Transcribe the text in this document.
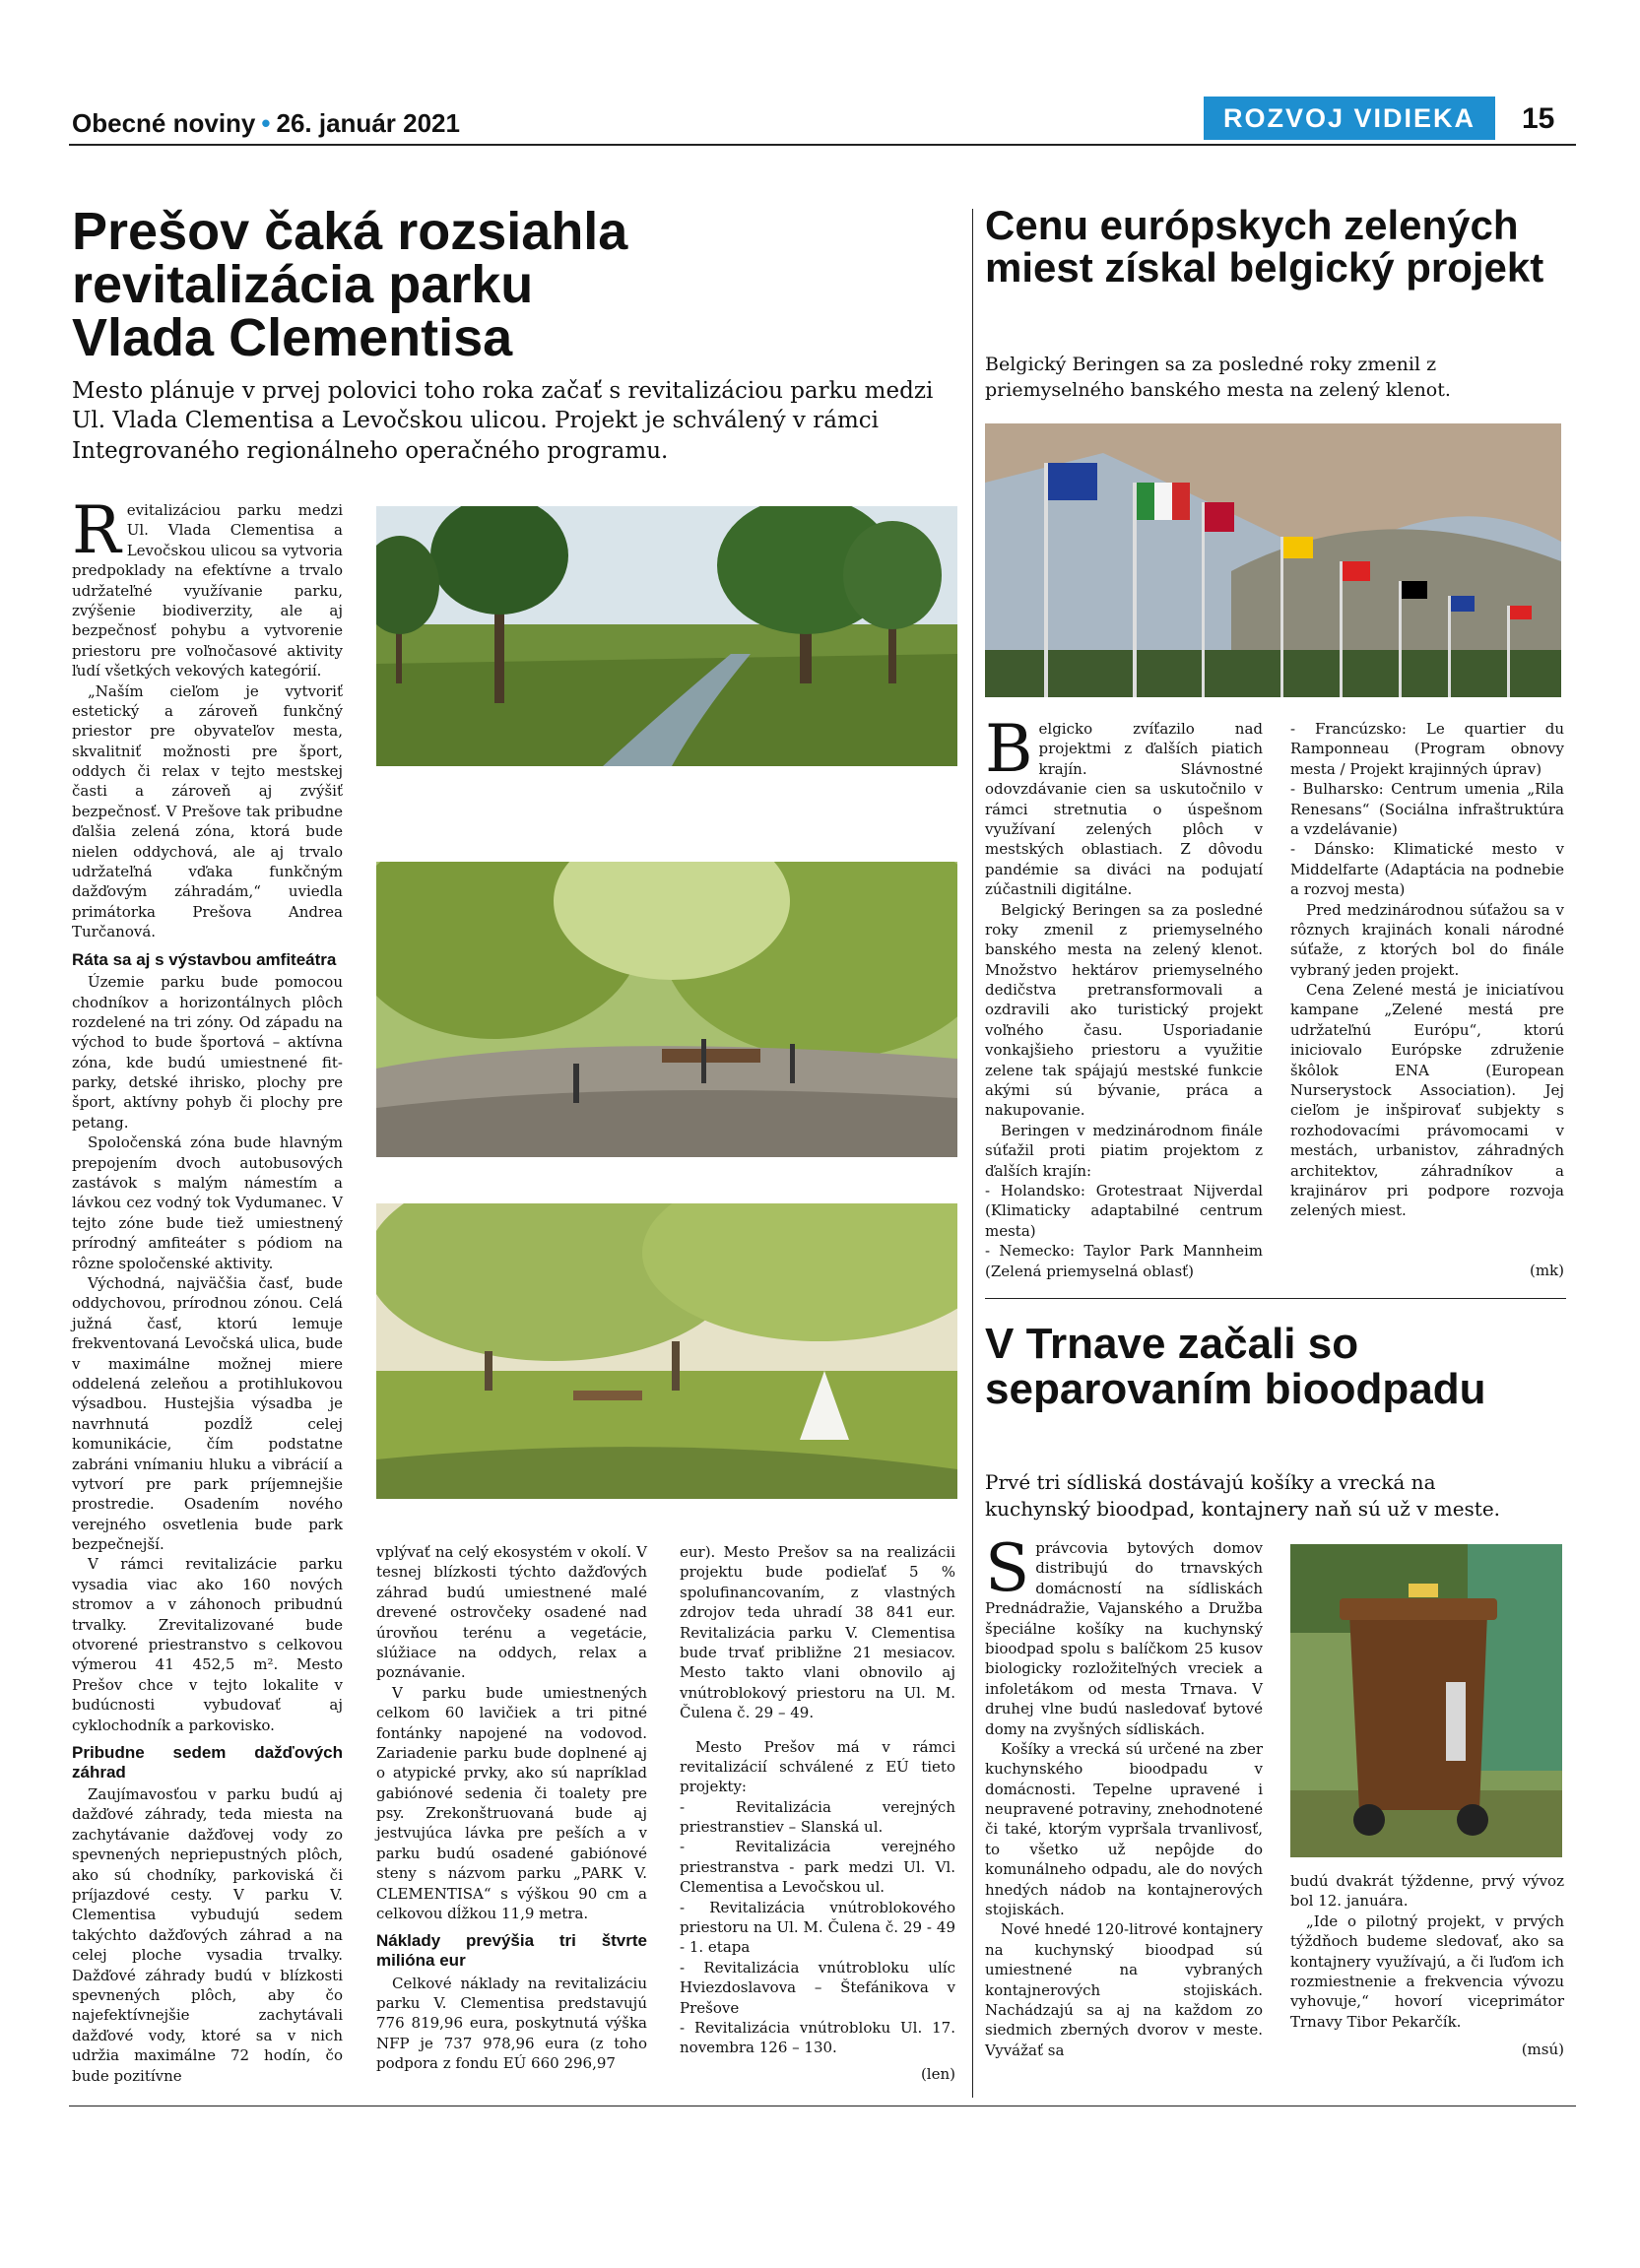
Obecné noviny • 26. január 2021	ROZVOJ VIDIEKA	15
Prešov čaká rozsiahla revitalizácia parku Vlada Clementisa

Mesto plánuje v prvej polovici toho roka začať s revitalizáciou parku medzi Ul. Vlada Clementisa a Levočskou ulicou. Projekt je schválený v rámci Integrovaného regionálneho operačného programu.

Revitalizáciou parku medzi Ul. Vlada Clementisa a Levočskou ulicou sa vytvoria predpoklady na efektívne a trvalo udržateľné využívanie parku, zvýšenie biodiverzity, ale aj bezpečnosť pohybu a vytvorenie priestoru pre voľnočasové aktivity ľudí všetkých vekových kategórií.

„Naším cieľom je vytvoriť estetický a zároveň funkčný priestor pre obyvateľov mesta, skvalitniť možnosti pre šport, oddych či relax v tejto mestskej časti a zároveň aj zvýšiť bezpečnosť. V Prešove tak pribudne ďalšia zelená zóna, ktorá bude nielen oddychová, ale aj trvalo udržateľná vďaka funkčným dažďovým záhradám,“ uviedla primátorka Prešova Andrea Turčanová.

Ráta sa aj s výstavbou amfiteátra

Územie parku bude pomocou chodníkov a horizontálnych plôch rozdelené na tri zóny. Od západu na východ to bude športová – aktívna zóna, kde budú umiestnené fit-parky, detské ihrisko, plochy pre šport, aktívny pohyb či plochy pre petang.

Spoločenská zóna bude hlavným prepojením dvoch autobusových zastávok s malým námestím a lávkou cez vodný tok Vydumanec. V tejto zóne bude tiež umiestnený prírodný amfiteáter s pódiom na rôzne spoločenské aktivity.

Východná, najväčšia časť, bude oddychovou, prírodnou zónou. Celá južná časť, ktorú lemuje frekventovaná Levočská ulica, bude v maximálne možnej miere oddelená zeleňou a protihlukovou výsadbou. Hustejšia výsadba je navrhnutá pozdĺž celej komunikácie, čím podstatne zabráni vnímaniu hluku a vibrácií a vytvorí pre park príjemnejšie prostredie. Osadením nového verejného osvetlenia bude park bezpečnejší.

V rámci revitalizácie parku vysadia viac ako 160 nových stromov a v záhonoch pribudnú trvalky. Zrevitalizované bude otvorené priestranstvo s celkovou výmerou 41 452,5 m². Mesto Prešov chce v tejto lokalite v budúcnosti vybudovať aj cyklochodník a parkovisko.

Pribudne sedem dažďových záhrad

Zaujímavosťou v parku budú aj dažďové záhrady, teda miesta na zachytávanie dažďovej vody zo spevnených nepriepustných plôch, ako sú chodníky, parkoviská či príjazdové cesty. V parku V. Clementisa vybudujú sedem takýchto dažďových záhrad a na celej ploche vysadia trvalky. Dažďové záhrady budú v blízkosti spevnených plôch, aby čo najefektívnejšie zachytávali dažďové vody, ktoré sa v nich udržia maximálne 72 hodín, čo bude pozitívne

vplývať na celý ekosystém v okolí. V tesnej blízkosti týchto dažďových záhrad budú umiestnené malé drevené ostrovčeky osadené nad úrovňou terénu a vegetácie, slúžiace na oddych, relax a poznávanie.

V parku bude umiestnených celkom 60 lavičiek a tri pitné fontánky napojené na vodovod. Zariadenie parku bude doplnené aj o atypické prvky, ako sú napríklad gabiónové sedenia či toalety pre psy. Zrekonštruovaná bude aj jestvujúca lávka pre peších a v parku budú osadené gabiónové steny s názvom parku „PARK V. CLEMENTISA“ s výškou 90 cm a celkovou dĺžkou 11,9 metra.

Náklady prevýšia tri štvrte milióna eur

Celkové náklady na revitalizáciu parku V. Clementisa predstavujú 776 819,96 eura, poskytnutá výška NFP je 737 978,96 eura (z toho podpora z fondu EÚ 660 296,97

eur). Mesto Prešov sa na realizácii projektu bude podieľať 5 % spolufinancovaním, z vlastných zdrojov teda uhradí 38 841 eur. Revitalizácia parku V. Clementisa bude trvať približne 21 mesiacov. Mesto takto vlani obnovilo aj vnútroblokový priestoru na Ul. M. Čulena č. 29 – 49.

Mesto Prešov má v rámci revitalizácií schválené z EÚ tieto projekty:

- Revitalizácia verejných priestranstiev – Slanská ul.

- Revitalizácia verejného priestranstva - park medzi Ul. Vl. Clementisa a Levočskou ul.

- Revitalizácia vnútroblokového priestoru na Ul. M. Čulena č. 29 - 49 - 1. etapa

- Revitalizácia vnútrobloku ulíc Hviezdoslavova – Štefánikova v Prešove

- Revitalizácia vnútrobloku Ul. 17. novembra 126 – 130.

(len)

Cenu európskych zelených miest získal belgický projekt

Belgický Beringen sa za posledné roky zmenil z priemyselného banského mesta na zelený klenot.

Belgicko zvíťazilo nad projektmi z ďalších piatich krajín. Slávnostné odovzdávanie cien sa uskutočnilo v rámci stretnutia o úspešnom využívaní zelených plôch v mestských oblastiach. Z dôvodu pandémie sa diváci na podujatí zúčastnili digitálne.

Belgický Beringen sa za posledné roky zmenil z priemyselného banského mesta na zelený klenot. Množstvo hektárov priemyselného dedičstva pretransformovali a ozdravili ako turistický projekt voľného času. Usporiadanie vonkajšieho priestoru a využitie zelene tak spájajú mestské funkcie akými sú bývanie, práca a nakupovanie.

Beringen v medzinárodnom finále súťažil proti piatim projektom z ďalších krajín:

- Holandsko: Grotestraat Nijverdal (Klimaticky adaptabilné centrum mesta)

- Nemecko: Taylor Park Mannheim (Zelená priemyselná oblasť)

- Francúzsko: Le quartier du Ramponneau (Program obnovy mesta / Projekt krajinných úprav)

- Bulharsko: Centrum umenia „Rila Renesans“ (Sociálna infraštruktúra a vzdelávanie)

- Dánsko: Klimatické mesto v Middelfarte (Adaptácia na podnebie a rozvoj mesta)

Pred medzinárodnou súťažou sa v rôznych krajinách konali národné súťaže, z ktorých bol do finále vybraný jeden projekt.

Cena Zelené mestá je iniciatívou kampane „Zelené mestá pre udržateľnú Európu“, ktorú iniciovalo Európske združenie škôlok ENA (European Nurserystock Association). Jej cieľom je inšpirovať subjekty s rozhodovacími právomocami v mestách, urbanistov, záhradných architektov, záhradníkov a krajinárov pri podpore rozvoja zelených miest.

(mk)

V Trnave začali so separovaním bioodpadu

Prvé tri sídliská dostávajú košíky a vrecká na kuchynský bioodpad, kontajnery naň sú už v meste.

Správcovia bytových domov distribujú do trnavských domácností na sídliskách Prednádražie, Vajanského a Družba špeciálne košíky na kuchynský bioodpad spolu s balíčkom 25 kusov biologicky rozložiteľných vreciek a infoletákom od mesta Trnava. V druhej vlne budú nasledovať bytové domy na zvyšných sídliskách.

Košíky a vrecká sú určené na zber kuchynského bioodpadu v domácnosti. Tepelne upravené i neupravené potraviny, znehodnotené či také, ktorým vypršala trvanlivosť, to všetko už nepôjde do komunálneho odpadu, ale do nových hnedých nádob na kontajnerových stojiskách.

Nové hnedé 120-litrové kontajnery na kuchynský bioodpad sú umiestnené na vybraných kontajnerových stojiskách. Nachádzajú sa aj na každom zo siedmich zberných dvorov v meste. Vyvážať sa

budú dvakrát týždenne, prvý vývoz bol 12. januára.

„Ide o pilotný projekt, v prvých týždňoch budeme sledovať, ako sa kontajnery využívajú, a či ľuďom ich rozmiestnenie a frekvencia vývozu vyhovuje,“ hovorí viceprimátor Trnavy Tibor Pekarčík.

(msú)
